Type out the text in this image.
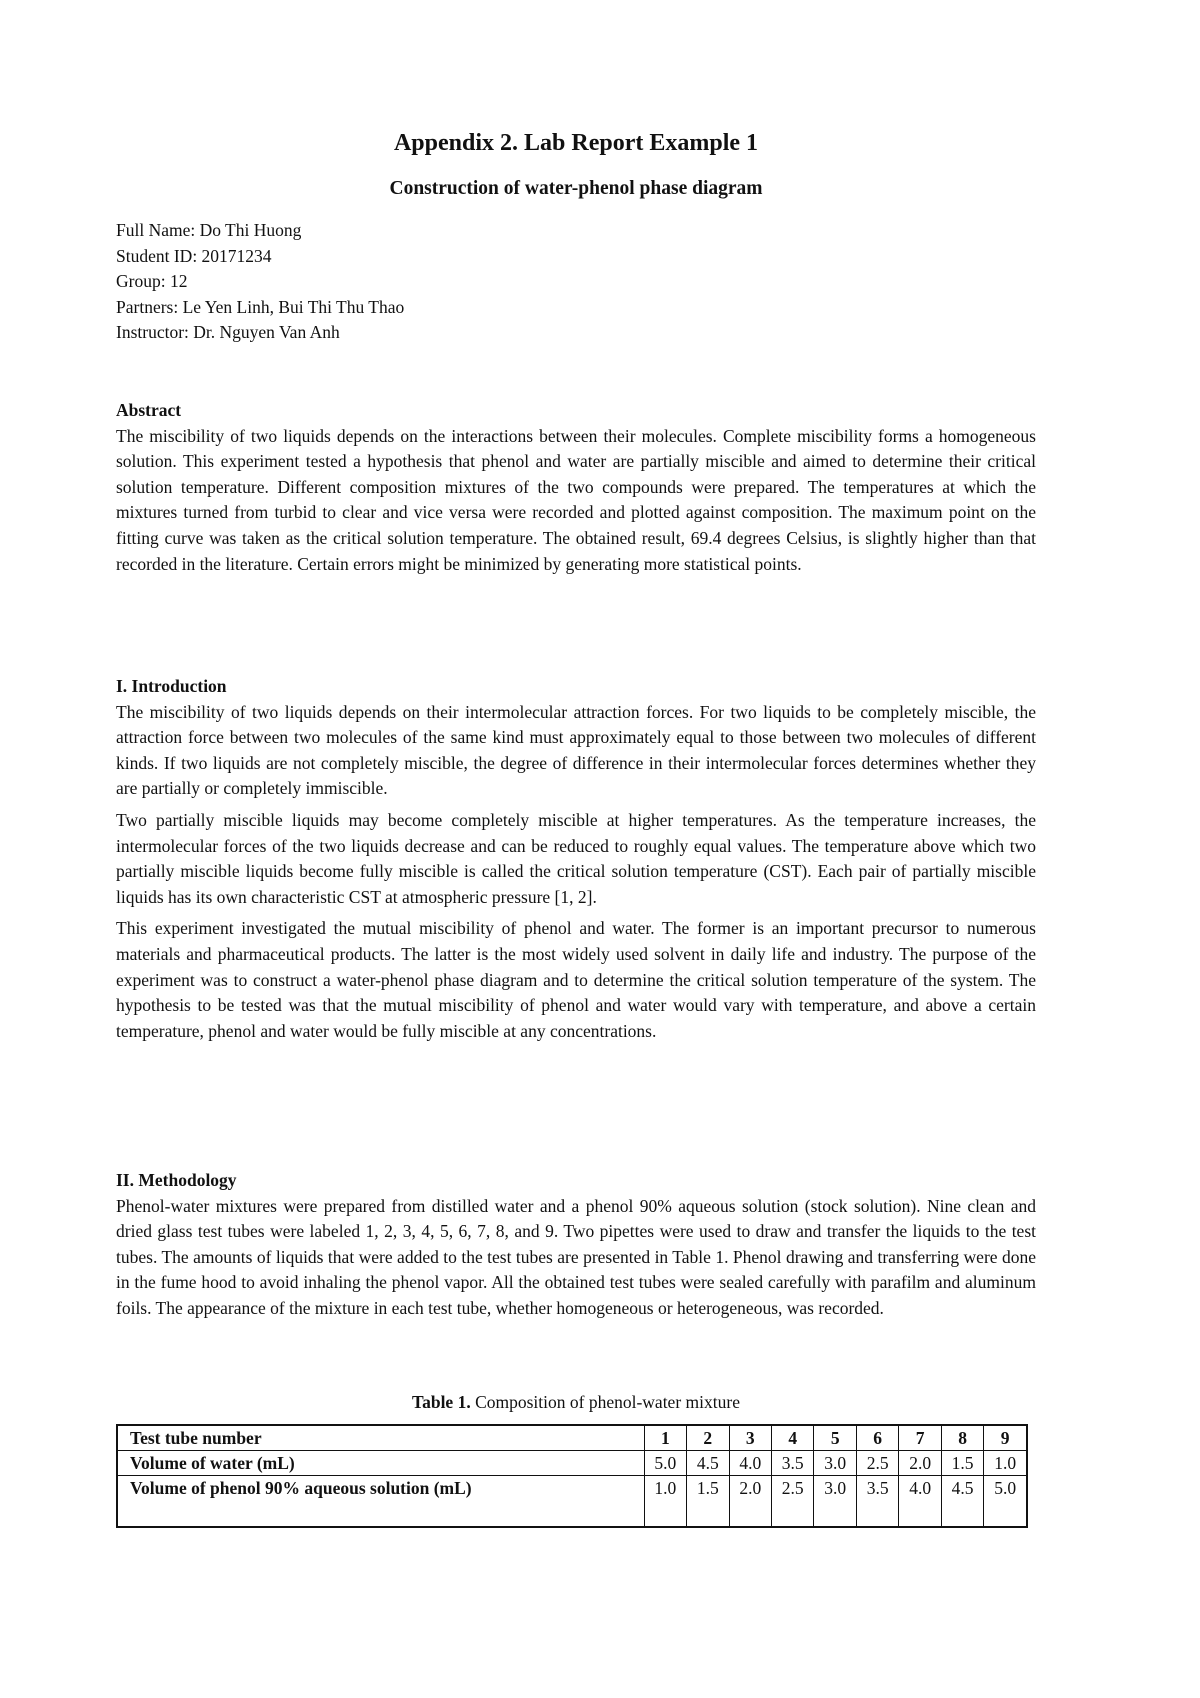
Appendix 2. Lab Report Example 1
Construction of water-phenol phase diagram
Full Name: Do Thi Huong
Student ID: 20171234
Group: 12
Partners: Le Yen Linh, Bui Thi Thu Thao
Instructor: Dr. Nguyen Van Anh

Abstract

The miscibility of two liquids depends on the interactions between their molecules. Complete miscibility forms a homogeneous solution. This experiment tested a hypothesis that phenol and water are partially miscible and aimed to determine their critical solution temperature. Different composition mixtures of the two compounds were prepared. The temperatures at which the mixtures turned from turbid to clear and vice versa were recorded and plotted against composition. The maximum point on the fitting curve was taken as the critical solution temperature. The obtained result, 69.4 degrees Celsius, is slightly higher than that recorded in the literature. Certain errors might be minimized by generating more statistical points.

I. Introduction

The miscibility of two liquids depends on their intermolecular attraction forces. For two liquids to be completely miscible, the attraction force between two molecules of the same kind must approximately equal to those between two molecules of different kinds. If two liquids are not completely miscible, the degree of difference in their intermolecular forces determines whether they are partially or completely immiscible.

Two partially miscible liquids may become completely miscible at higher temperatures. As the temperature increases, the intermolecular forces of the two liquids decrease and can be reduced to roughly equal values. The temperature above which two partially miscible liquids become fully miscible is called the critical solution temperature (CST). Each pair of partially miscible liquids has its own characteristic CST at atmospheric pressure [1, 2].

This experiment investigated the mutual miscibility of phenol and water. The former is an important precursor to numerous materials and pharmaceutical products. The latter is the most widely used solvent in daily life and industry. The purpose of the experiment was to construct a water-phenol phase diagram and to determine the critical solution temperature of the system. The hypothesis to be tested was that the mutual miscibility of phenol and water would vary with temperature, and above a certain temperature, phenol and water would be fully miscible at any concentrations.

II. Methodology

Phenol-water mixtures were prepared from distilled water and a phenol 90% aqueous solution (stock solution). Nine clean and dried glass test tubes were labeled 1, 2, 3, 4, 5, 6, 7, 8, and 9. Two pipettes were used to draw and transfer the liquids to the test tubes. The amounts of liquids that were added to the test tubes are presented in Table 1. Phenol drawing and transferring were done in the fume hood to avoid inhaling the phenol vapor. All the obtained test tubes were sealed carefully with parafilm and aluminum foils. The appearance of the mixture in each test tube, whether homogeneous or heterogeneous, was recorded.

Table 1. Composition of phenol-water mixture
Test tube number	1	2	3	4	5	6	7	8	9
Volume of water (mL)	5.0	4.5	4.0	3.5	3.0	2.5	2.0	1.5	1.0
Volume of phenol 90% aqueous solution (mL)	1.0	1.5	2.0	2.5	3.0	3.5	4.0	4.5	5.0
